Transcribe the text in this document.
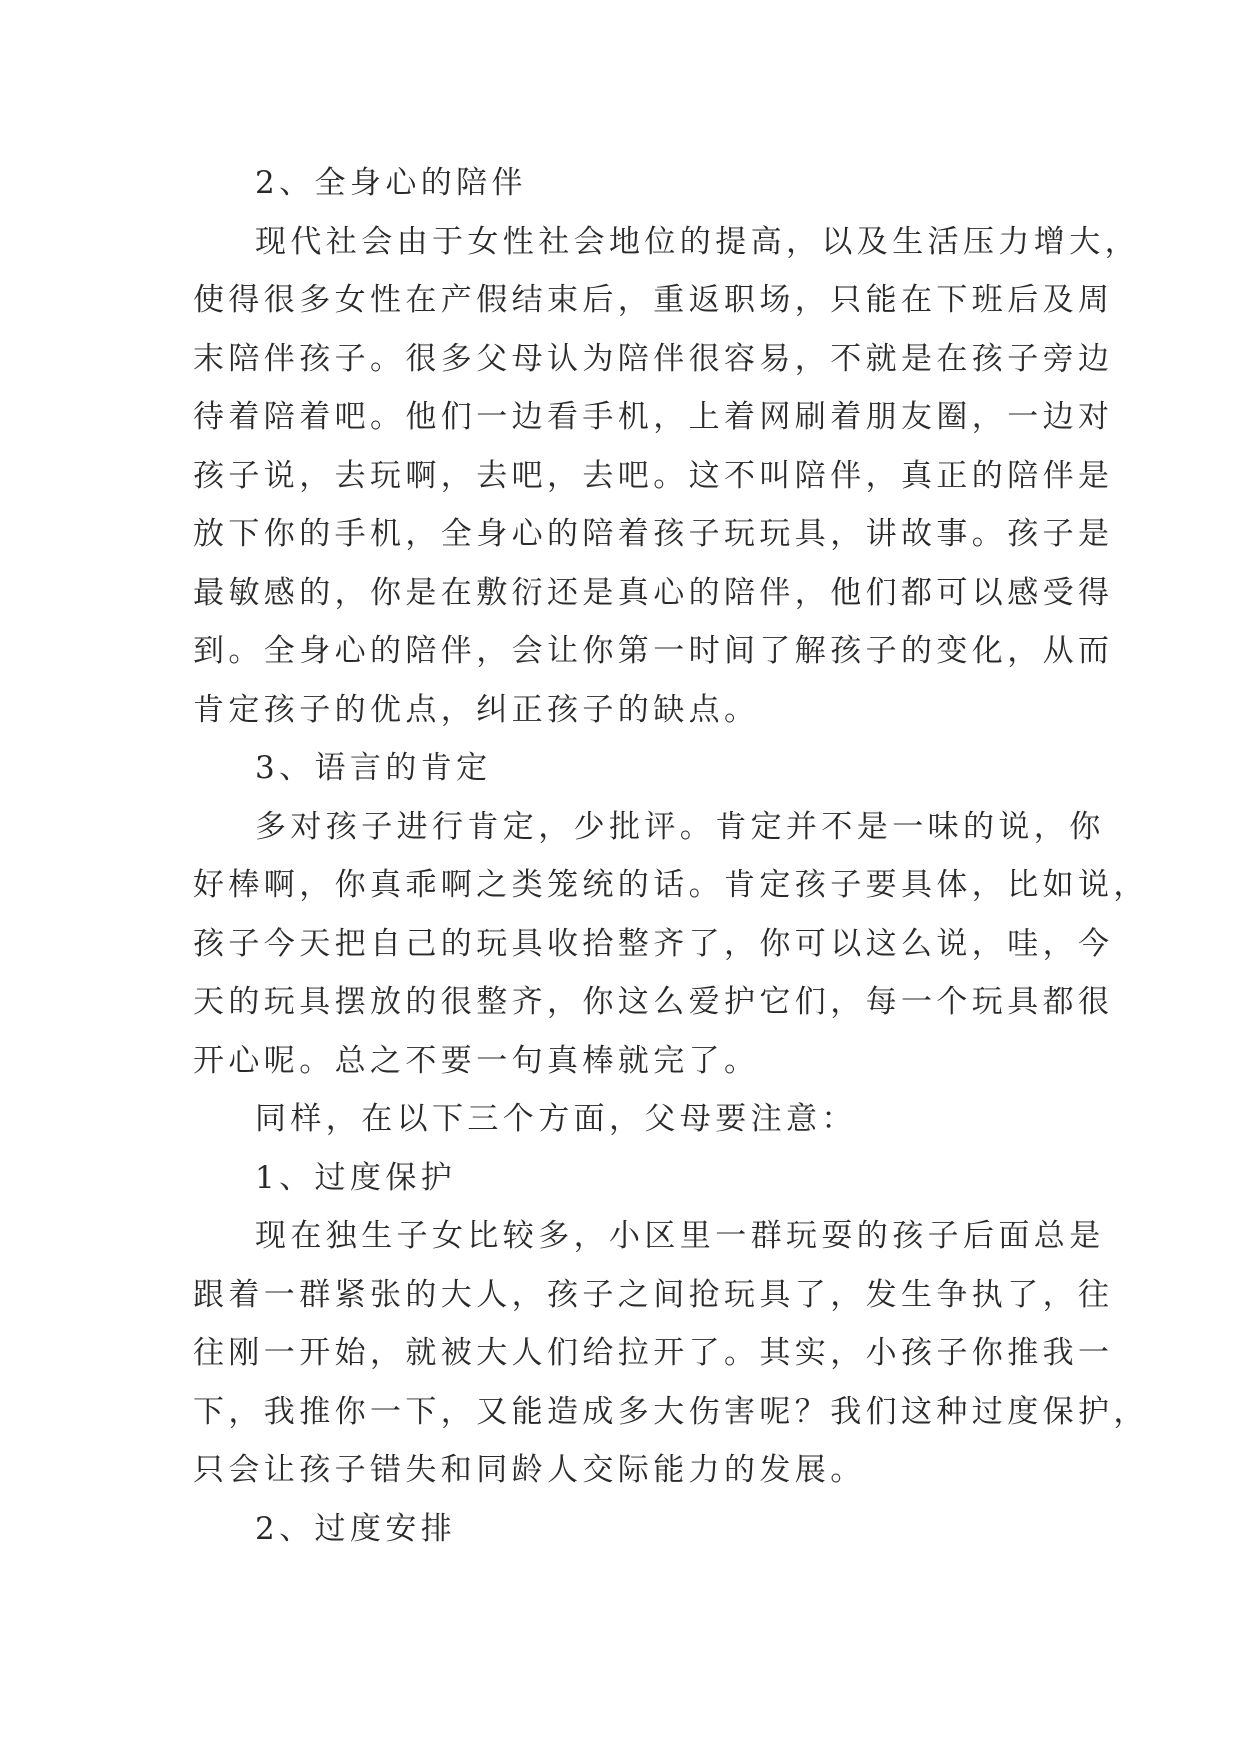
2、全身心的陪伴
现代社会由于女性社会地位的提高，以及生活压力增大，
使得很多女性在产假结束后，重返职场，只能在下班后及周
末陪伴孩子。很多父母认为陪伴很容易，不就是在孩子旁边
待着陪着吧。他们一边看手机，上着网刷着朋友圈，一边对
孩子说，去玩啊，去吧，去吧。这不叫陪伴，真正的陪伴是
放下你的手机，全身心的陪着孩子玩玩具，讲故事。孩子是
最敏感的，你是在敷衍还是真心的陪伴，他们都可以感受得
到。全身心的陪伴，会让你第一时间了解孩子的变化，从而
肯定孩子的优点，纠正孩子的缺点。
3、语言的肯定
多对孩子进行肯定，少批评。肯定并不是一味的说，你
好棒啊，你真乖啊之类笼统的话。肯定孩子要具体，比如说，
孩子今天把自己的玩具收拾整齐了，你可以这么说，哇，今
天的玩具摆放的很整齐，你这么爱护它们，每一个玩具都很
开心呢。总之不要一句真棒就完了。
同样，在以下三个方面，父母要注意：
1、过度保护
现在独生子女比较多，小区里一群玩耍的孩子后面总是
跟着一群紧张的大人，孩子之间抢玩具了，发生争执了，往
往刚一开始，就被大人们给拉开了。其实，小孩子你推我一
下，我推你一下，又能造成多大伤害呢？我们这种过度保护，
只会让孩子错失和同龄人交际能力的发展。
2、过度安排
